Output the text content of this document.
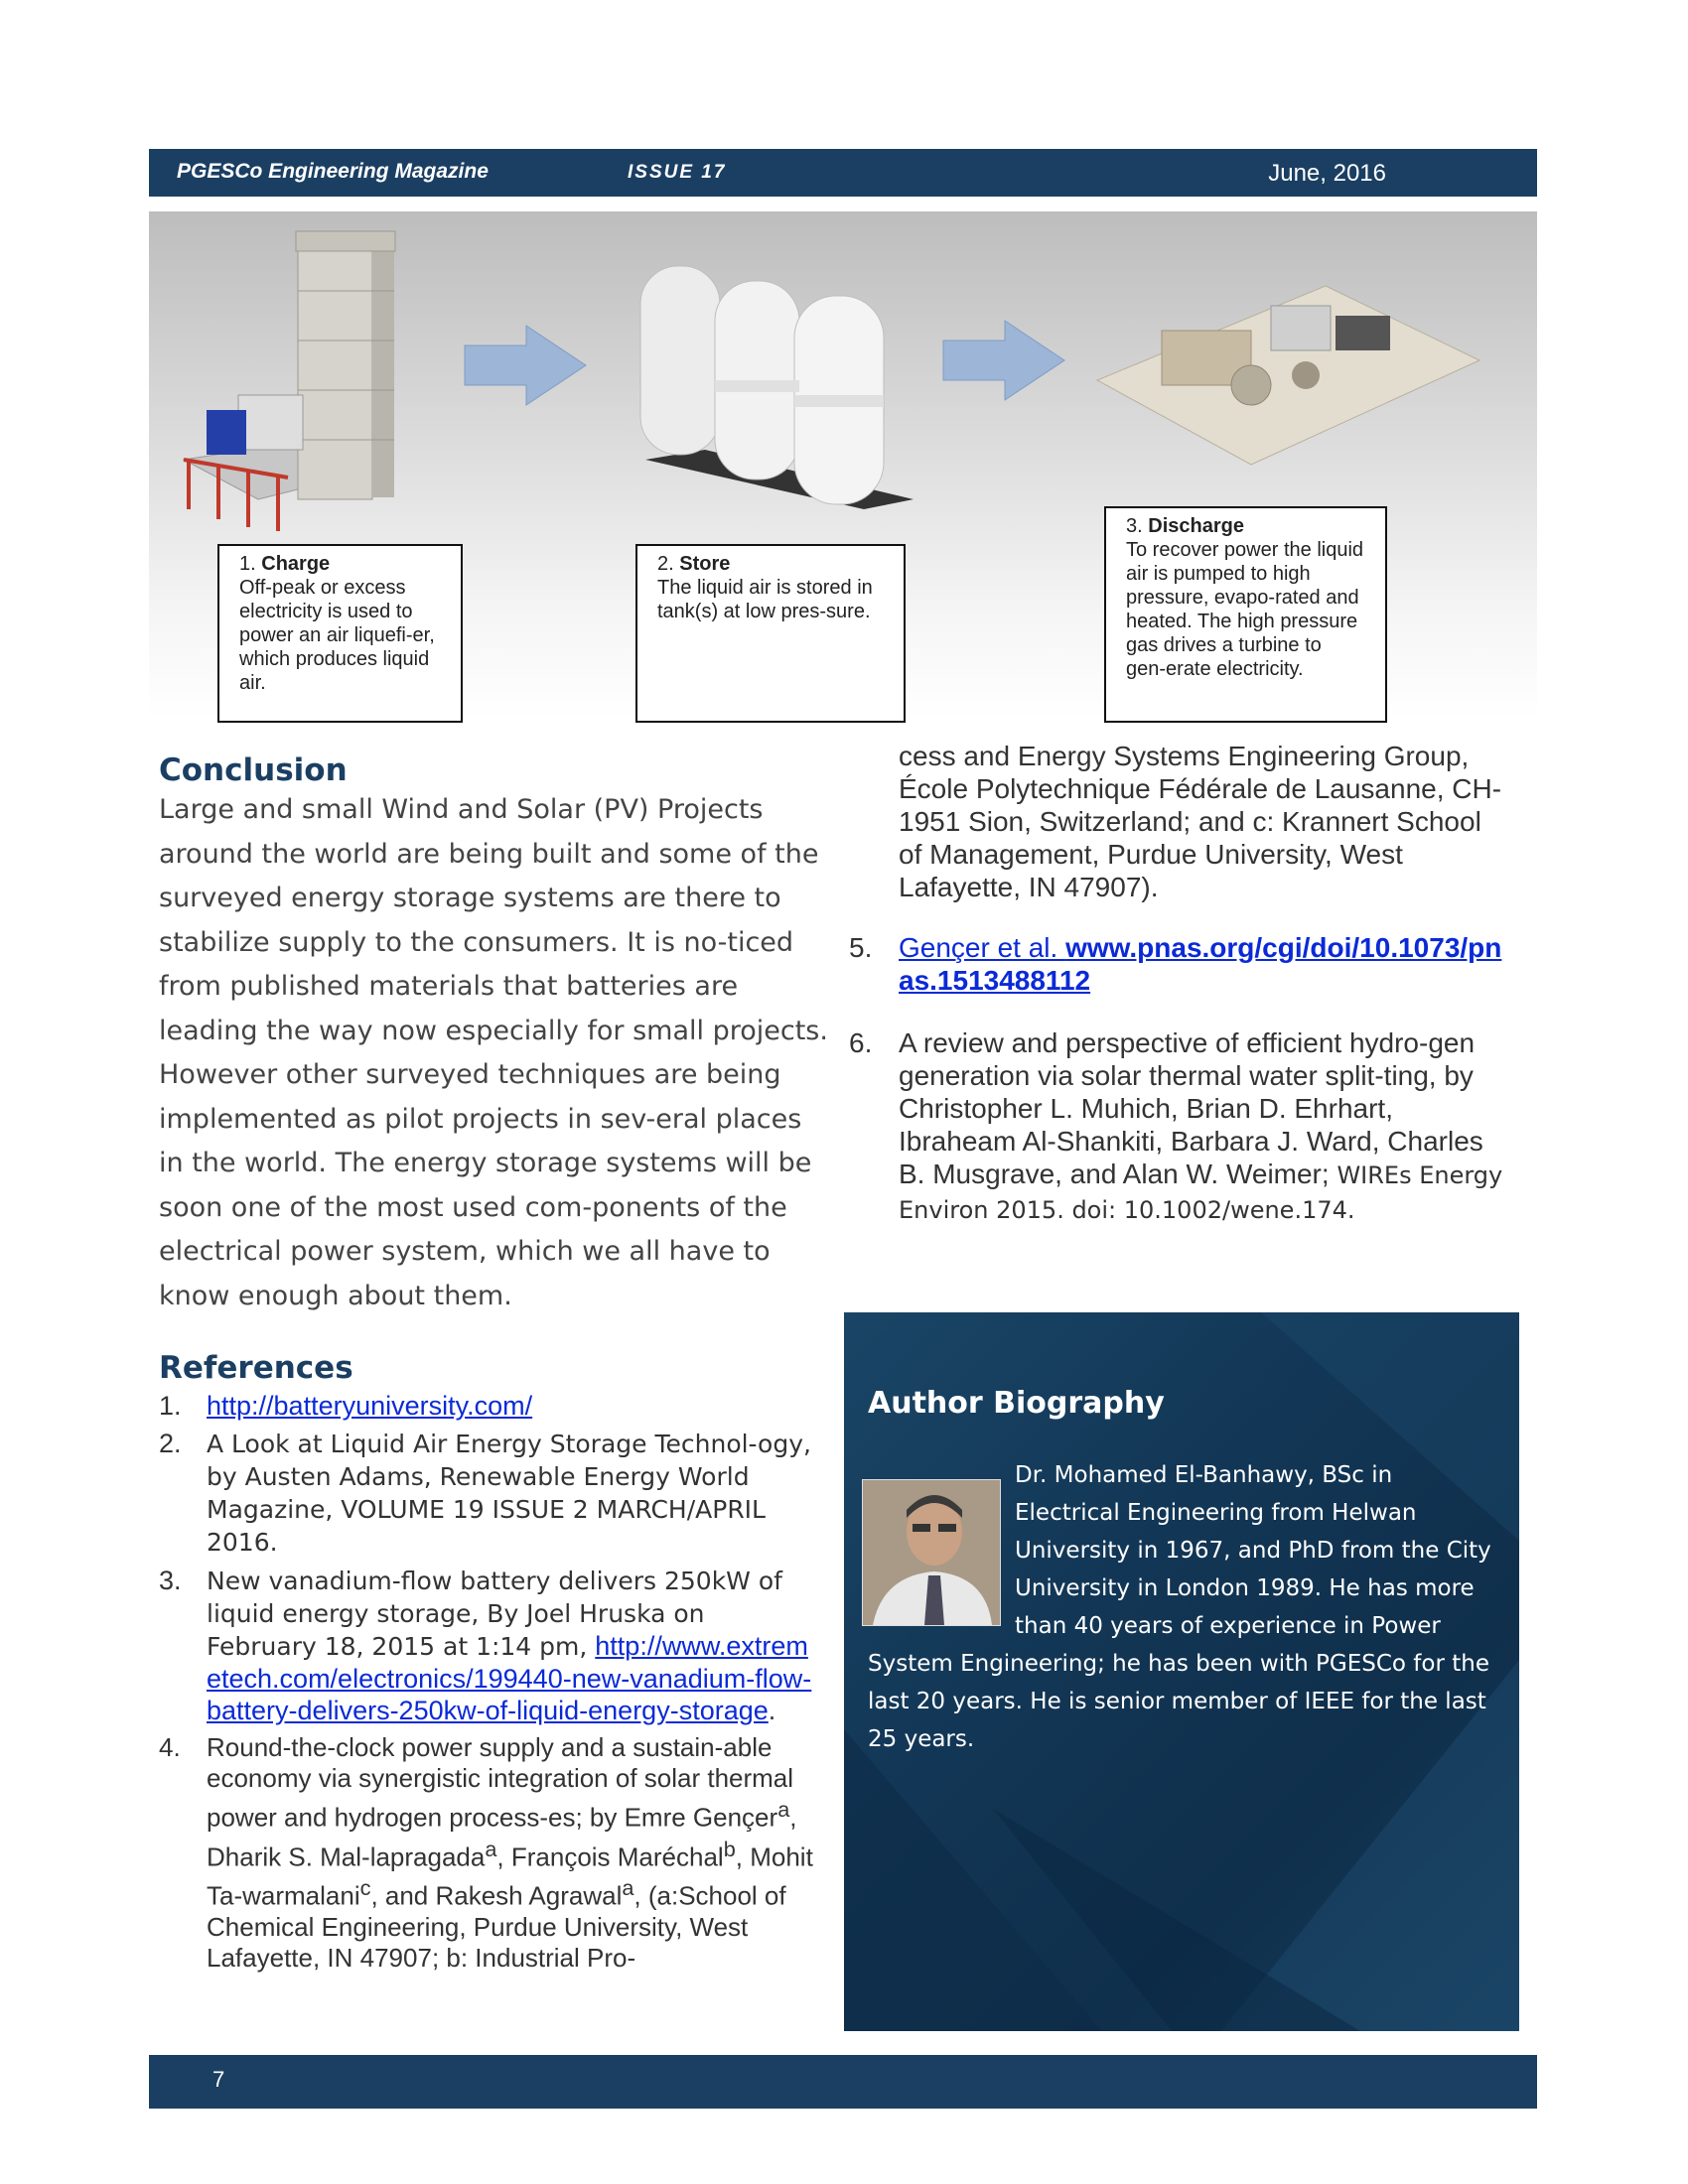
PGESCo Engineering Magazine	ISSUE 17	June, 2016
1. Charge
Off-peak or excess electricity is used to power an air liquefi-er, which produces liquid air.
2. Store
The liquid air is stored in tank(s) at low pres-sure.
3. Discharge
To recover power the liquid air is pumped to high pressure, evapo-rated and heated. The high pressure gas drives a turbine to gen-erate electricity.
Conclusion

Large and small Wind and Solar (PV) Projects around the world are being built and some of the surveyed energy storage systems are there to stabilize supply to the consumers. It is no-ticed from published materials that batteries are leading the way now especially for small projects. However other surveyed techniques are being implemented as pilot projects in sev-eral places in the world. The energy storage systems will be soon one of the most used com-ponents of the electrical power system, which we all have to know enough about them.

References
1. http://batteryuniversity.com/
2. A Look at Liquid Air Energy Storage Technol-ogy, by Austen Adams, Renewable Energy World Magazine, VOLUME 19 ISSUE 2 MARCH/APRIL 2016.
3. New vanadium-flow battery delivers 250kW of liquid energy storage, By Joel Hruska on February 18, 2015 at 1:14 pm, http://www.extremetech.com/electronics/199440-new-vanadium-flow-battery-delivers-250kw-of-liquid-energy-storage.
4. Round-the-clock power supply and a sustain-able economy via synergistic integration of solar thermal power and hydrogen process-es; by Emre Gençer$^a$, Dharik S. Mal-lapragada$^a$, François Maréchal$^b$, Mohit Ta-warmalani$^c$, and Rakesh Agrawal$^a$, (a:School of Chemical Engineering, Purdue University, West Lafayette, IN 47907; b: Industrial Pro-
cess and Energy Systems Engineering Group, École Polytechnique Fédérale de Lausanne, CH-1951 Sion, Switzerland; and c: Krannert School of Management, Purdue University, West Lafayette, IN 47907).
5. Gençer et al. www.pnas.org/cgi/doi/10.1073/pnas.1513488112
6. A review and perspective of efficient hydro-gen generation via solar thermal water split-ting, by Christopher L. Muhich, Brian D. Ehrhart, Ibraheam Al-Shankiti, Barbara J. Ward, Charles B. Musgrave, and Alan W. Weimer; WIREs Energy Environ 2015. doi: 10.1002/wene.174.
Author Biography
Dr. Mohamed El-Banhawy, BSc in Electrical Engineering from Helwan University in 1967, and PhD from the City University in London 1989. He has more than 40 years of experience in Power System Engineering; he has been with PGESCo for the last 20 years. He is senior member of IEEE for the last 25 years.
7
